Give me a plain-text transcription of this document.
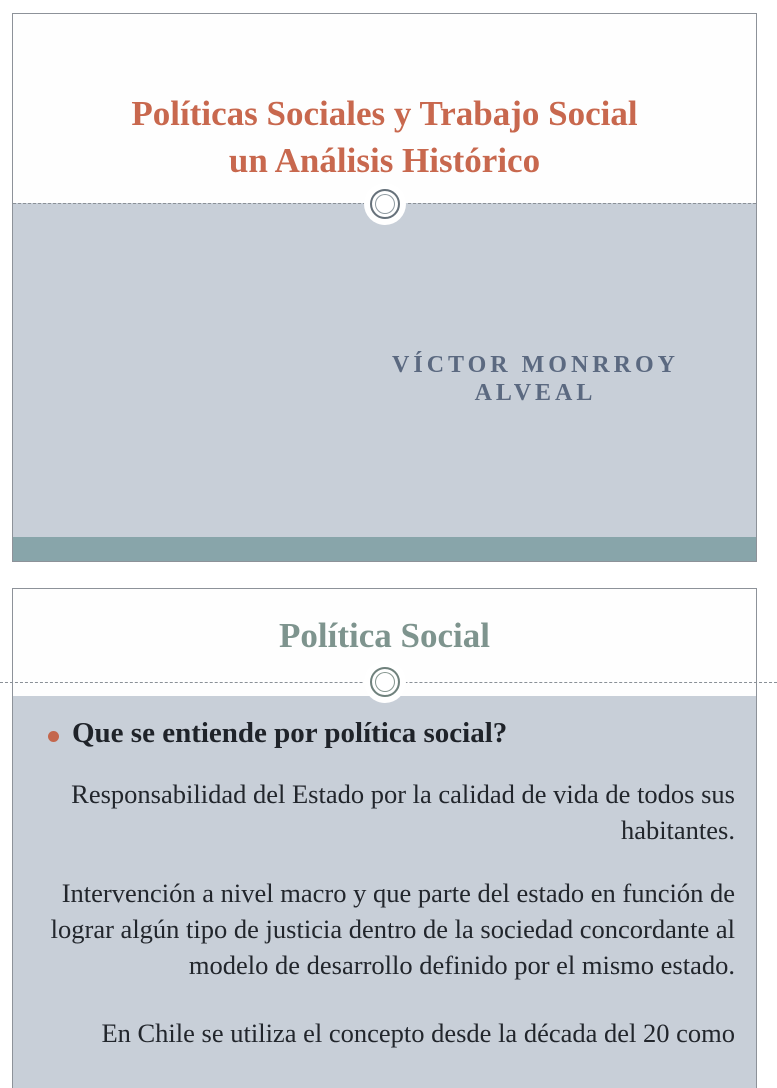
Políticas Sociales y Trabajo Social
un Análisis Histórico
VÍCTOR MONRROY
ALVEAL
Política Social
Que se entiende por política social?

Responsabilidad del Estado por la calidad de vida de todos sus habitantes.

Intervención a nivel macro y que parte del estado en función de lograr algún tipo de justicia dentro de la sociedad concordante al modelo de desarrollo definido por el mismo estado.

En Chile se utiliza el concepto desde la década del 20 como
